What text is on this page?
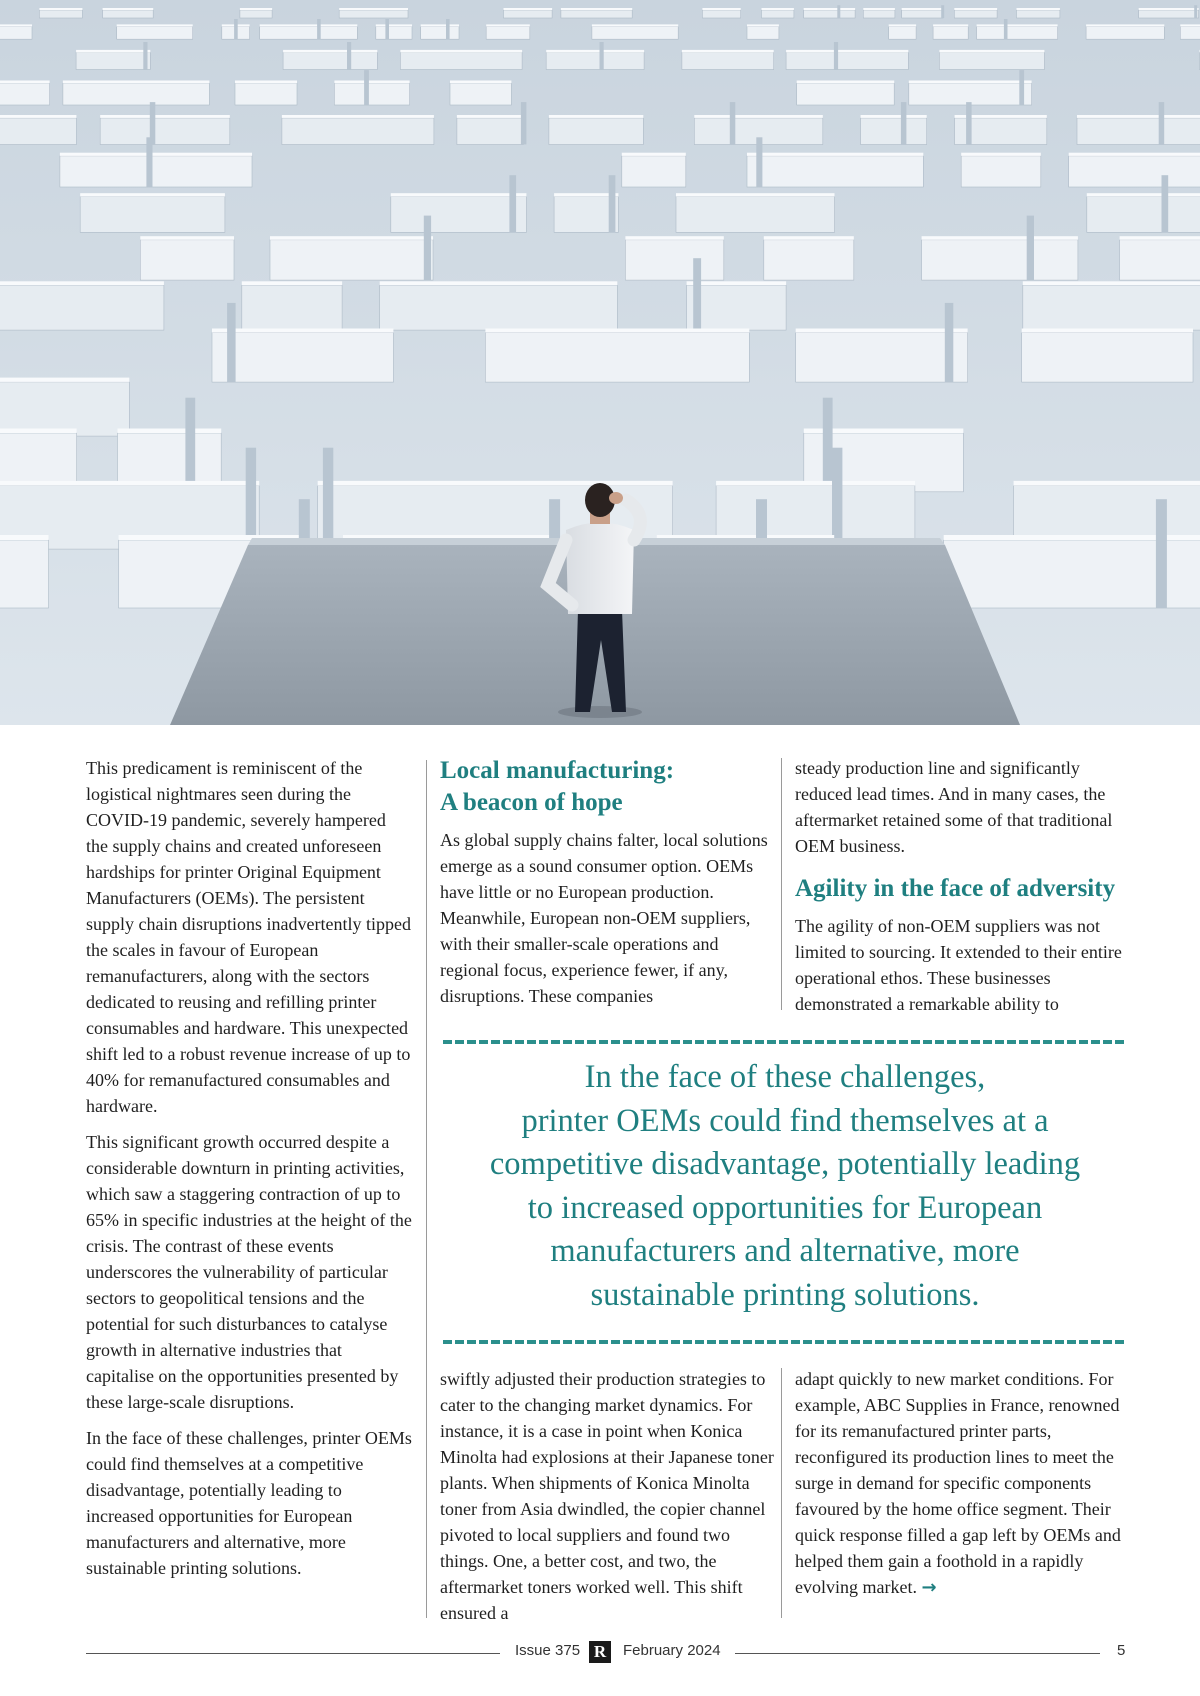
This predicament is reminiscent of the logistical nightmares seen during the COVID-19 pandemic, severely hampered the supply chains and created unforeseen hardships for printer Original Equipment Manufacturers (OEMs). The persistent supply chain disruptions inadvertently tipped the scales in favour of European remanufacturers, along with the sectors dedicated to reusing and refilling printer consumables and hardware. This unexpected shift led to a robust revenue increase of up to 40% for remanufactured consumables and hardware.

This significant growth occurred despite a considerable downturn in printing activities, which saw a staggering contraction of up to 65% in specific industries at the height of the crisis. The contrast of these events underscores the vulnerability of particular sectors to geopolitical tensions and the potential for such disturbances to catalyse growth in alternative industries that capitalise on the opportunities presented by these large-scale disruptions.

In the face of these challenges, printer OEMs could find themselves at a competitive disadvantage, potentially leading to increased opportunities for European manufacturers and alternative, more sustainable printing solutions.

Local manufacturing:
A beacon of hope

As global supply chains falter, local solutions emerge as a sound consumer option. OEMs have little or no European production. Meanwhile, European non-OEM suppliers, with their smaller-scale operations and regional focus, experience fewer, if any, disruptions. These companies

steady production line and significantly reduced lead times. And in many cases, the aftermarket retained some of that traditional OEM business.

Agility in the face of adversity

The agility of non-OEM suppliers was not limited to sourcing. It extended to their entire operational ethos. These businesses demonstrated a remarkable ability to

In the face of these challenges,
printer OEMs could find themselves at a
competitive disadvantage, potentially leading
to increased opportunities for European
manufacturers and alternative, more
sustainable printing solutions.

swiftly adjusted their production strategies to cater to the changing market dynamics. For instance, it is a case in point when Konica Minolta had explosions at their Japanese toner plants. When shipments of Konica Minolta toner from Asia dwindled, the copier channel pivoted to local suppliers and found two things. One, a better cost, and two, the aftermarket toners worked well. This shift ensured a

adapt quickly to new market conditions. For example, ABC Supplies in France, renowned for its remanufactured printer parts, reconfigured its production lines to meet the surge in demand for specific components favoured by the home office segment. Their quick response filled a gap left by OEMs and helped them gain a foothold in a rapidly evolving market. →

Issue 375 R	February 2024	5
